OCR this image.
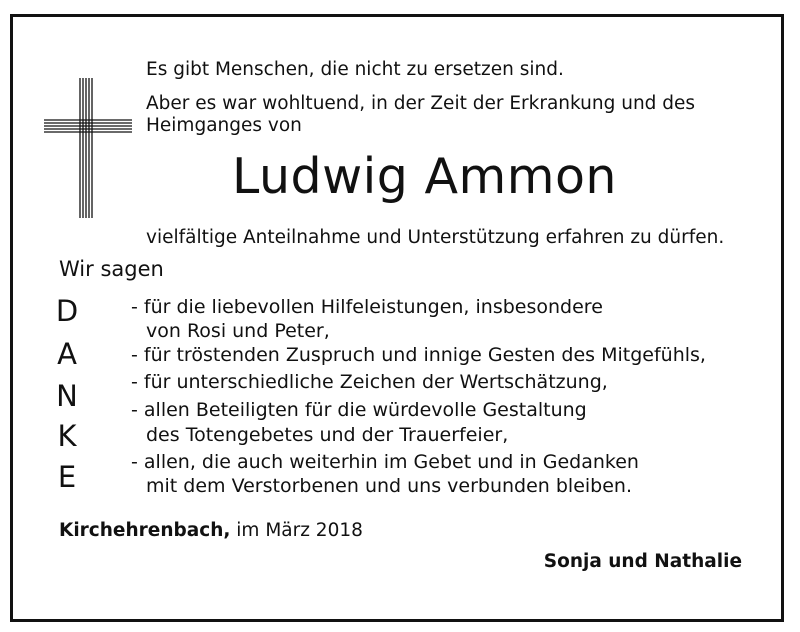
Es gibt Menschen, die nicht zu ersetzen sind.
Aber es war wohltuend, in der Zeit der Erkrankung und des
Heimganges von
Ludwig Ammon
vielfältige Anteilnahme und Unterstützung erfahren zu dürfen.
Wir sagen
D
A
N
K
E
- für die liebevollen Hilfeleistungen, insbesondere
von Rosi und Peter,
- für tröstenden Zuspruch und innige Gesten des Mitgefühls,
- für unterschiedliche Zeichen der Wertschätzung,
- allen Beteiligten für die würdevolle Gestaltung
des Totengebetes und der Trauerfeier,
- allen, die auch weiterhin im Gebet und in Gedanken
mit dem Verstorbenen und uns verbunden bleiben.
Kirchehrenbach, im März 2018
Sonja und Nathalie
